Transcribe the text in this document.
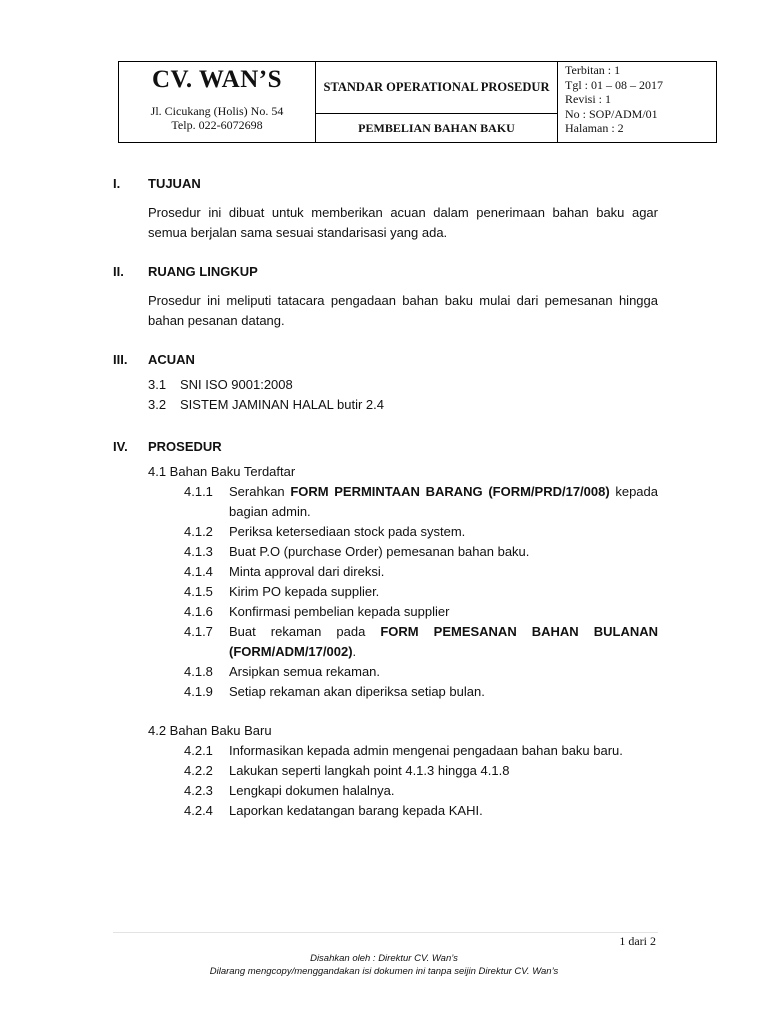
CV. WAN’S
Jl. Cicukang (Holis) No. 54
Telp. 022-6072698
STANDAR OPERATIONAL PROSEDUR
PEMBELIAN BAHAN BAKU
Terbitan : 1
Tgl : 01 – 08 – 2017
Revisi : 1
No : SOP/ADM/01
Halaman : 2
I.	TUJUAN
Prosedur ini dibuat untuk memberikan acuan dalam penerimaan bahan baku agar semua berjalan sama sesuai standarisasi yang ada.
II.	RUANG LINGKUP
Prosedur ini meliputi tatacara pengadaan bahan baku mulai dari pemesanan hingga bahan pesanan datang.
III.	ACUAN
3.1	SNI ISO 9001:2008
3.2	SISTEM JAMINAN HALAL butir 2.4
IV.	PROSEDUR
4.1 Bahan Baku Terdaftar
4.1.1	Serahkan FORM PERMINTAAN BARANG (FORM/PRD/17/008) kepada bagian admin.
4.1.2	Periksa ketersediaan stock pada system.
4.1.3	Buat P.O (purchase Order) pemesanan bahan baku.
4.1.4	Minta approval dari direksi.
4.1.5	Kirim PO kepada supplier.
4.1.6	Konfirmasi pembelian kepada supplier
4.1.7	Buat rekaman pada FORM PEMESANAN BAHAN BULANAN (FORM/ADM/17/002).
4.1.8	Arsipkan semua rekaman.
4.1.9	Setiap rekaman akan diperiksa setiap bulan.
4.2 Bahan Baku Baru
4.2.1	Informasikan kepada admin mengenai pengadaan bahan baku baru.
4.2.2	Lakukan seperti langkah point 4.1.3 hingga 4.1.8
4.2.3	Lengkapi dokumen halalnya.
4.2.4	Laporkan kedatangan barang kepada KAHI.
1 dari 2
Disahkan oleh : Direktur CV. Wan’s
Dilarang mengcopy/menggandakan isi dokumen ini tanpa seijin Direktur CV. Wan’s
